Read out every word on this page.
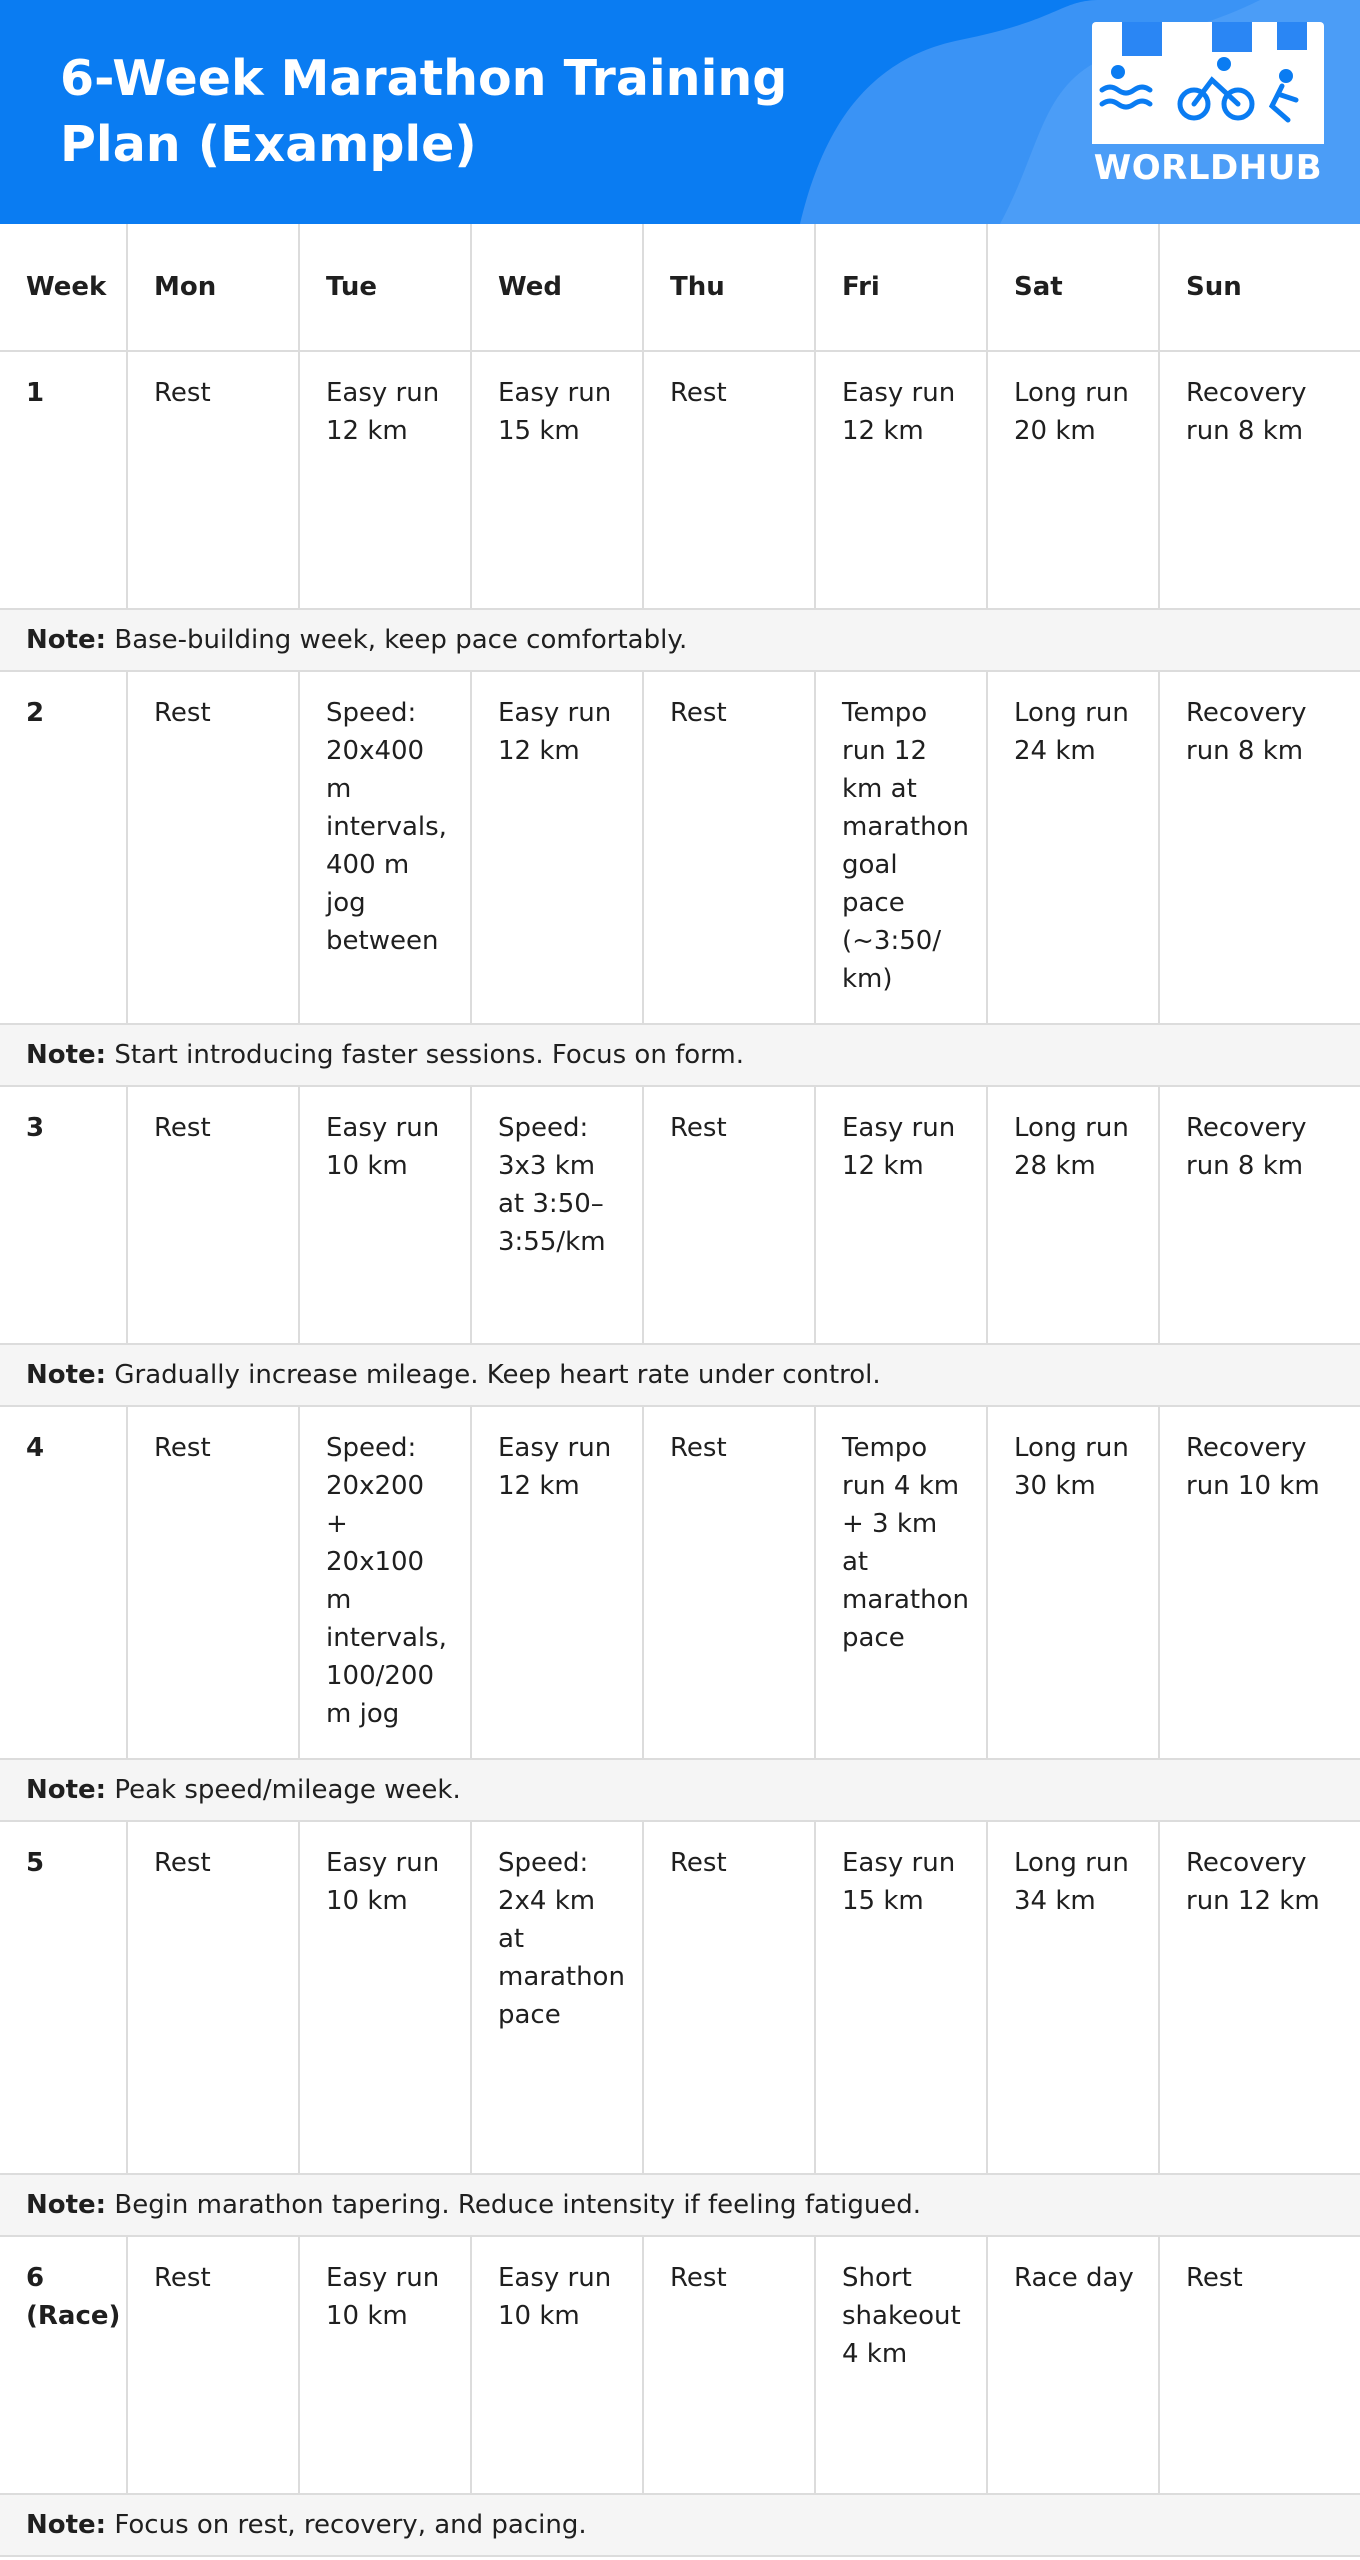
6-Week Marathon Training Plan (Example)	WORLDHUB
Week	Mon	Tue	Wed	Thu	Fri	Sat	Sun
1	Rest	Easy run 12 km	Easy run 15 km	Rest	Easy run 12 km	Long run 20 km	Recovery run 8 km
Note: Base-building week, keep pace comfortably.							
2	Rest	Speed: 20x400 m intervals, 400 m jog between	Easy run 12 km	Rest	Tempo run 12 km at marathon goal pace (~3:50/ km)	Long run 24 km	Recovery run 8 km
Note: Start introducing faster sessions. Focus on form.							
3	Rest	Easy run 10 km	Speed: 3x3 km at 3:50–3:55/km	Rest	Easy run 12 km	Long run 28 km	Recovery run 8 km
Note: Gradually increase mileage. Keep heart rate under control.							
4	Rest	Speed: 20x200 + 20x100 m intervals, 100/200 m jog	Easy run 12 km	Rest	Tempo run 4 km + 3 km at marathon pace	Long run 30 km	Recovery run 10 km
Note: Peak speed/mileage week.							
5	Rest	Easy run 10 km	Speed: 2x4 km at marathon pace	Rest	Easy run 15 km	Long run 34 km	Recovery run 12 km
Note: Begin marathon tapering. Reduce intensity if feeling fatigued.							
6 (Race)	Rest	Easy run 10 km	Easy run 10 km	Rest	Short shakeout 4 km	Race day	Rest
Note: Focus on rest, recovery, and pacing.							
